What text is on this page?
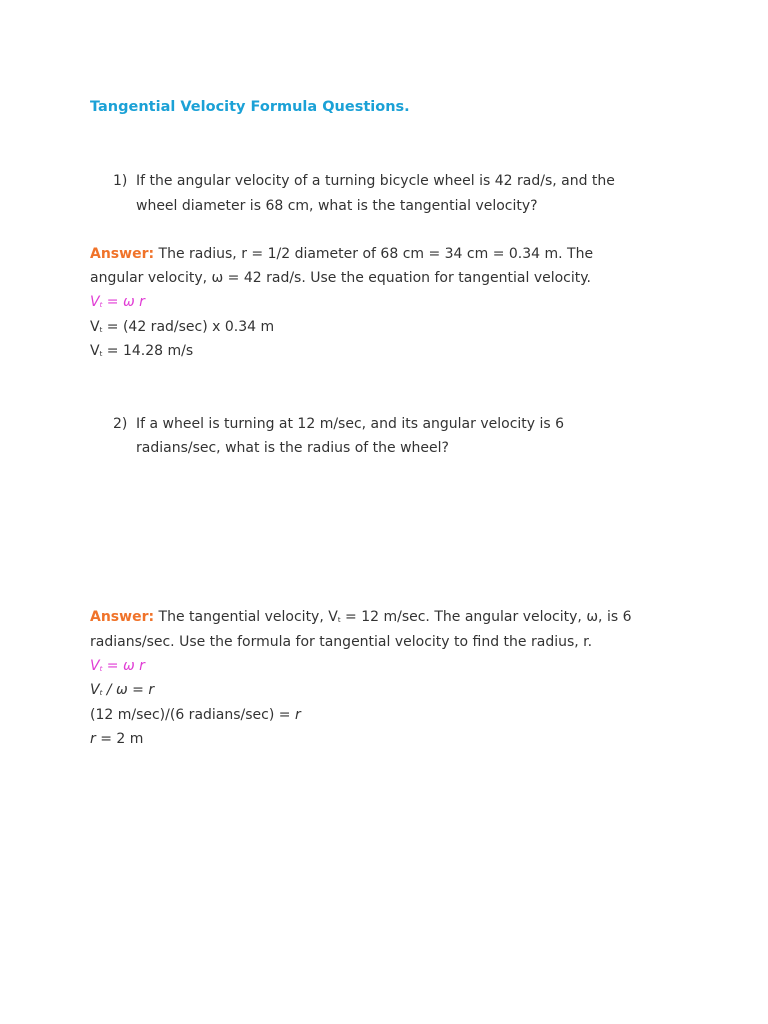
Tangential Velocity Formula Questions.
1) If the angular velocity of a turning bicycle wheel is 42 rad/s, and the
wheel diameter is 68 cm, what is the tangential velocity?
Answer: The radius, r = 1/2 diameter of 68 cm = 34 cm = 0.34 m. The
angular velocity, ω = 42 rad/s. Use the equation for tangential velocity.
$V_t = \omega$ r
$V_t = (42$ rad/sec) x 0.34 m
$V_t = 14.28$ m/s
2) If a wheel is turning at 12 m/sec, and its angular velocity is 6
radians/sec, what is the radius of the wheel?
Answer: The tangential velocity, $V_t = 12$ m/sec. The angular velocity, ω, is 6
radians/sec. Use the formula for tangential velocity to find the radius, r.
$V_t = \omega$ r
$V_t / \omega = r$
(12 m/sec)/(6 radians/sec) = r
r = 2 m
